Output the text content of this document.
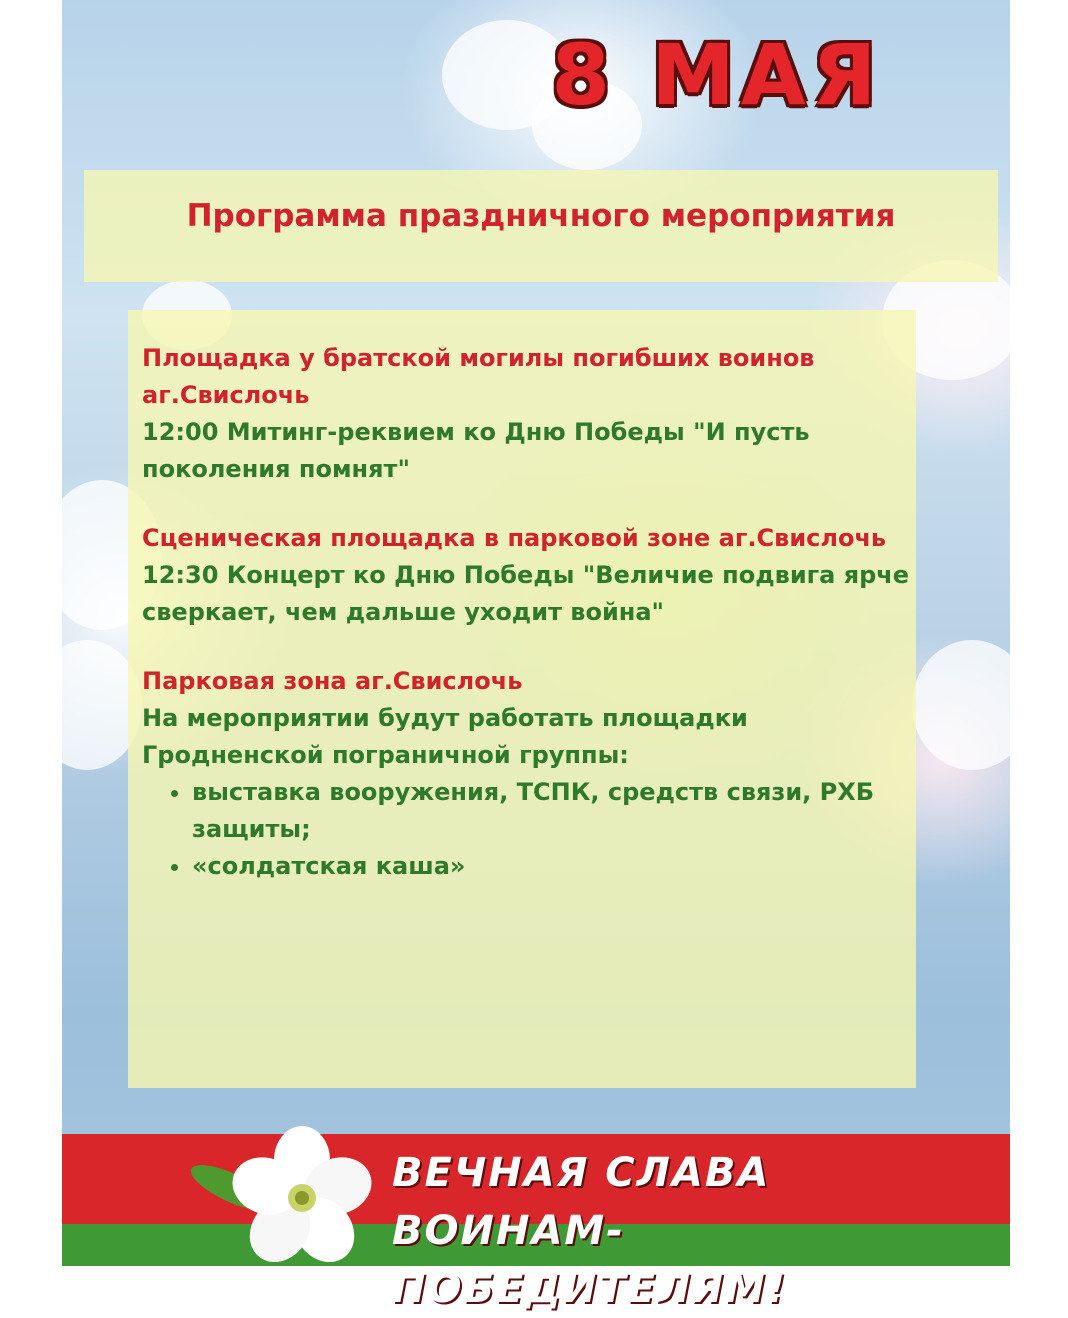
8 МАЯ
Программа праздничного мероприятия
Площадка у братской могилы погибших воинов аг.Свислочь
12:00 Митинг-реквием ко Дню Победы "И пусть поколения помнят"
Сценическая площадка в парковой зоне аг.Свислочь
12:30 Концерт ко Дню Победы "Величие подвига ярче сверкает, чем дальше уходит война"
Парковая зона аг.Свислочь
На мероприятии будут работать площадки Гродненской пограничной группы:
• выставка вооружения, ТСПК, средств связи, РХБ защиты;
• «солдатская каша»
ВЕЧНАЯ СЛАВА
ВОИНАМ-ПОБЕДИТЕЛЯМ!
